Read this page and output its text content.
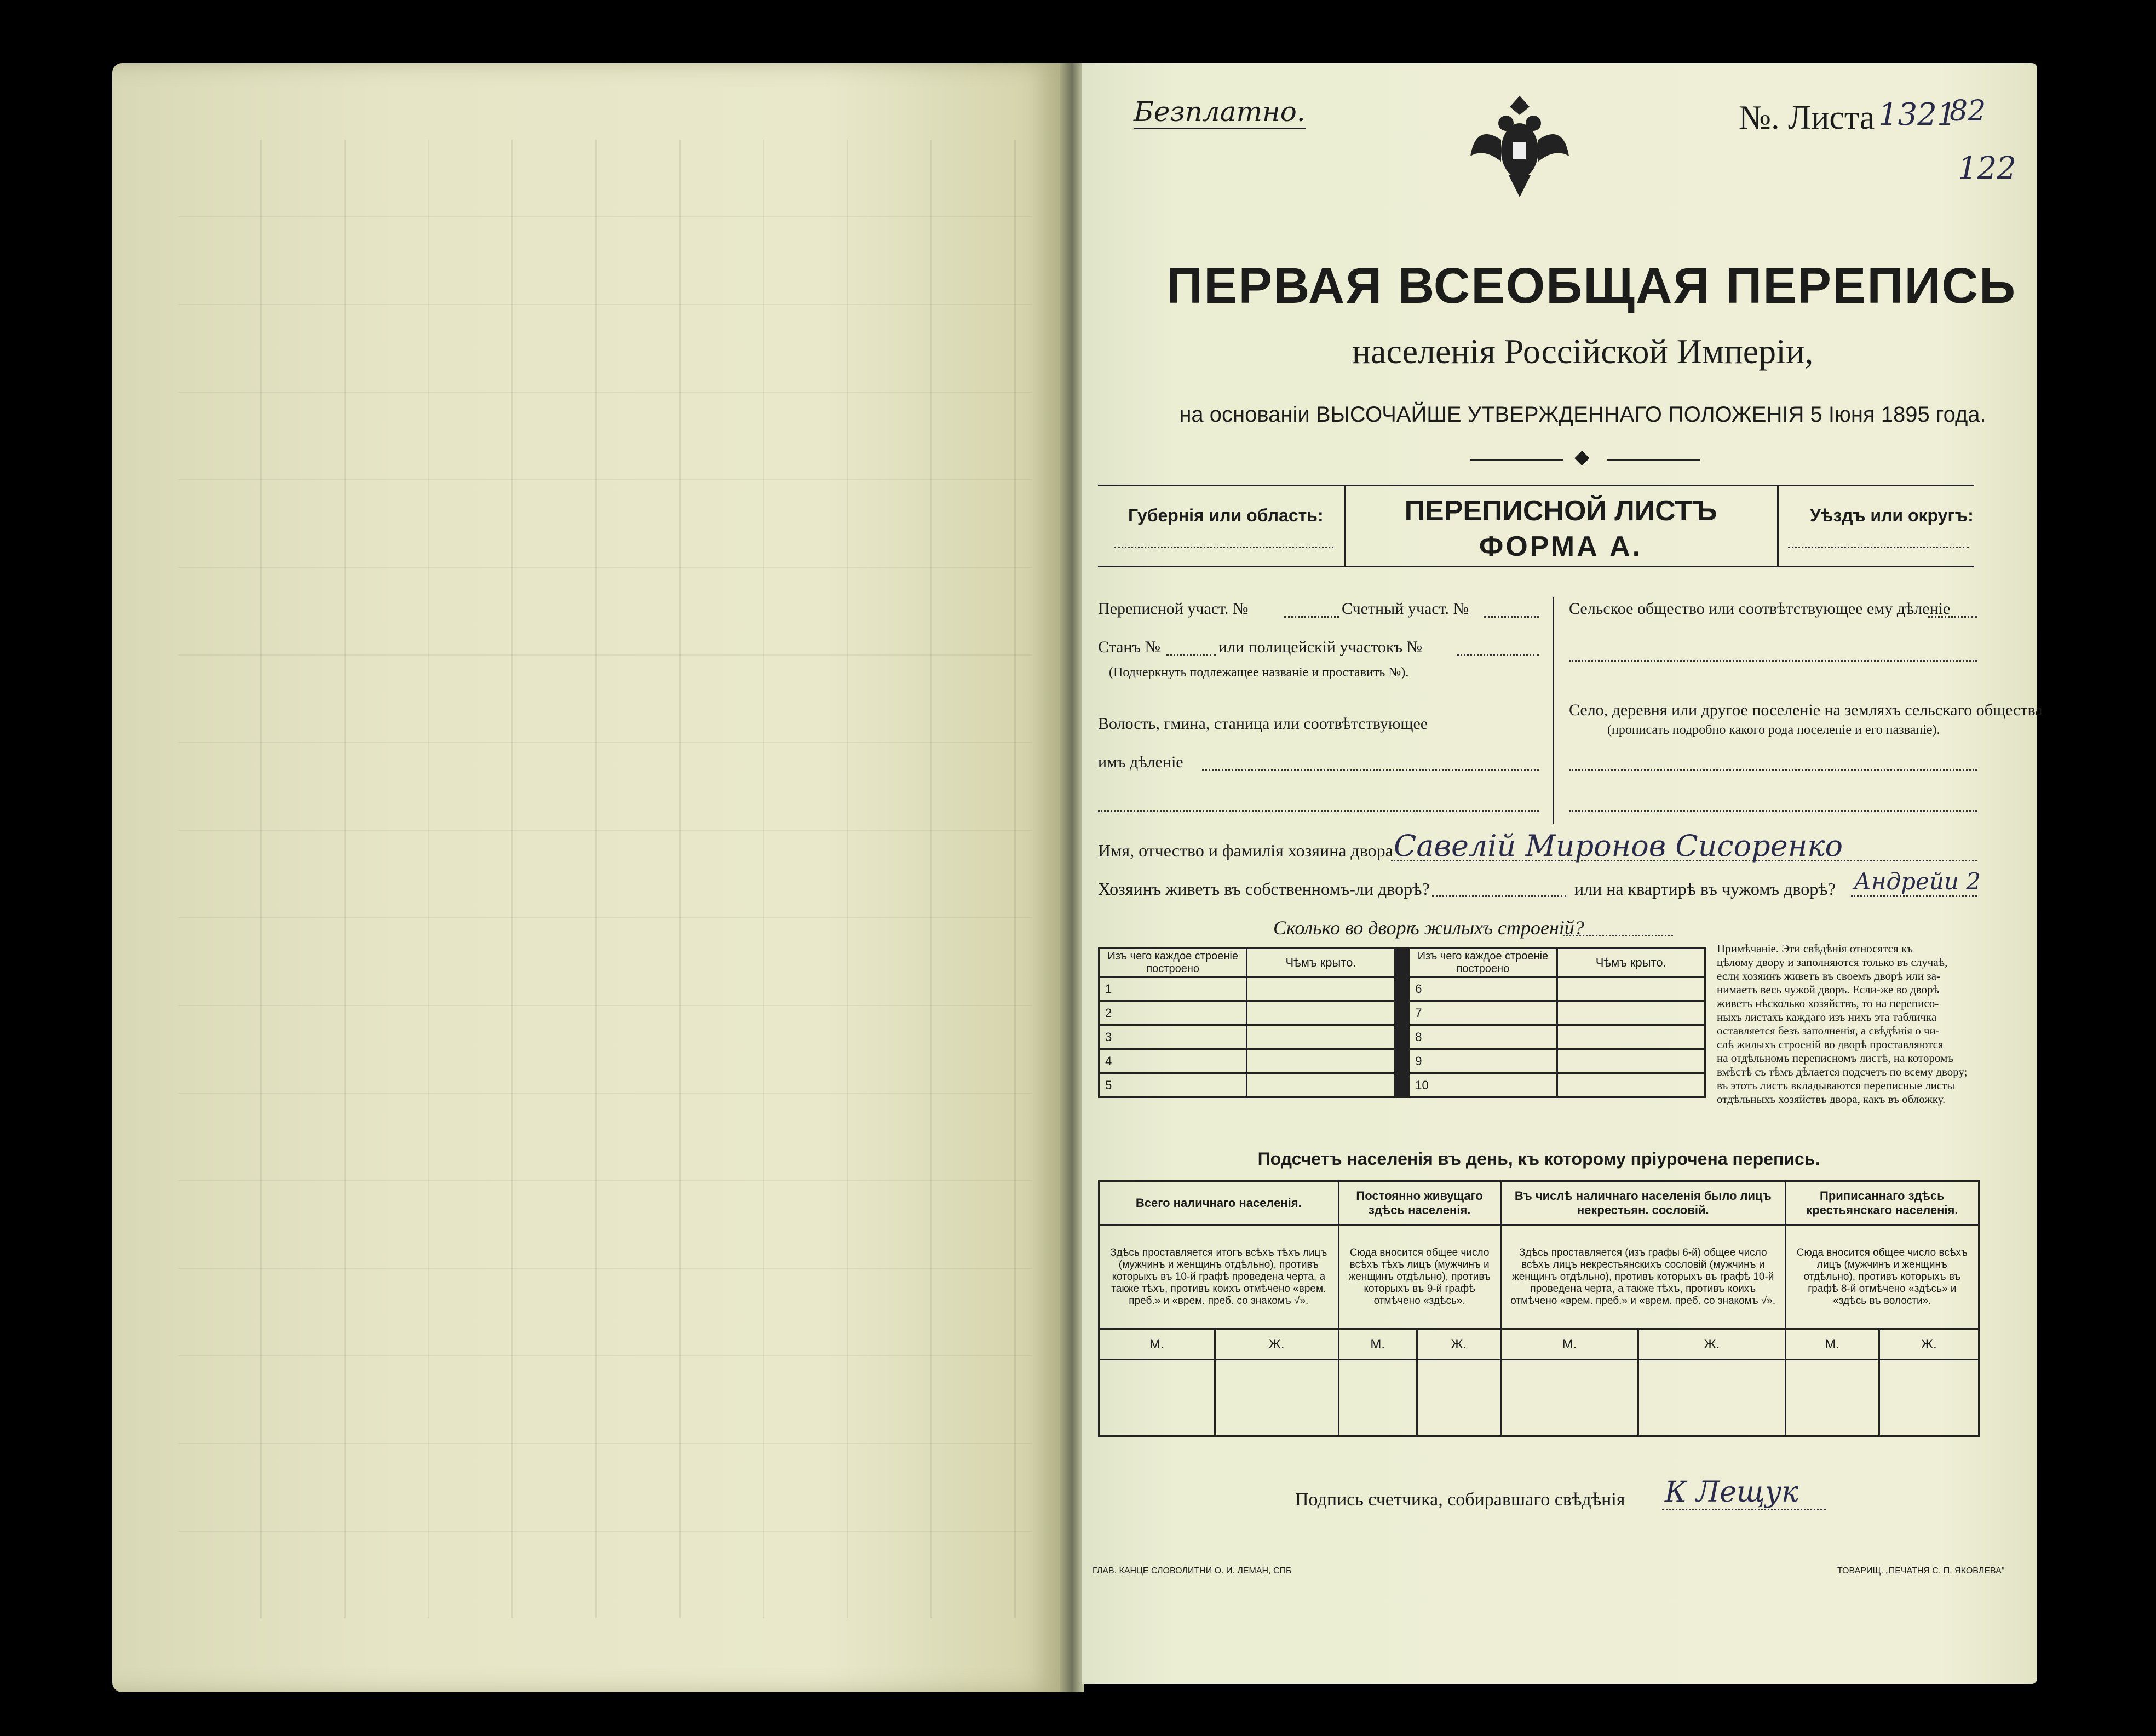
Безплатно.	№. Листа 1321
82
122
ПЕРВАЯ ВСЕОБЩАЯ ПЕРЕПИСЬ
населенія Россійской Имперіи,
на основаніи ВЫСОЧАЙШЕ УТВЕРЖДЕННАГО ПОЛОЖЕНІЯ 5 Іюня 1895 года.
◆
Губернія или область:	ПЕРЕПИСНОЙ ЛИСТЪ
ФОРМА А.
Уѣздъ или округъ:
Переписной участ. №	Счетный участ. №
Станъ №	или полицейскій участокъ №
(Подчеркнуть подлежащее названіе и проставить №).
Волость, гмина, станица или соотвѣтствующее
имъ дѣленіе
Сельское общество или соотвѣтствующее ему дѣленіе
Село, деревня или другое поселеніе на земляхъ сельскаго общества
(прописать подробно какого рода поселеніе и его названіе).
Имя, отчество и фамилія хозяина двора Савелій Миронов Сисоренко
Хозяинъ живетъ въ собственномъ-ли дворѣ?	или на квартирѣ въ чужомъ дворѣ? Андрейи 2
Сколько во дворѣ жилыхъ строеній?
Изъ чего каждое строеніе построено	Чѣмъ крыто.		Изъ чего каждое строеніе построено	Чѣмъ крыто.
1			6	
2			7	
3			8	
4			9	
5			10	
Примѣчаніе. Эти свѣдѣнія относятся къ
цѣлому двору и заполняются только въ случаѣ,
если хозяинъ живетъ въ своемъ дворѣ или за-
нимаетъ весь чужой дворъ. Если-же во дворѣ
живетъ нѣсколько хозяйствъ, то на переписо-
ныхъ листахъ каждаго изъ нихъ эта табличка
оставляется безъ заполненія, а свѣдѣнія о чи-
слѣ жилыхъ строеній во дворѣ проставляются
на отдѣльномъ переписномъ листѣ, на которомъ
вмѣстѣ съ тѣмъ дѣлается подсчетъ по всему двору;
въ этотъ листъ вкладываются переписные листы
отдѣльныхъ хозяйствъ двора, какъ въ обложку.
Подсчетъ населенія въ день, къ которому пріурочена перепись.
Всего наличнаго населенія.		Постоянно живущаго здѣсь населенія.		Въ числѣ наличнаго населенія было лицъ некрестьян. сословій.		Приписаннаго здѣсь крестьянскаго населенія.	
Здѣсь проставляется итогъ всѣхъ тѣхъ лицъ (мужчинъ и женщинъ отдѣльно), противъ которыхъ въ 10-й графѣ проведена черта, а также тѣхъ, противъ коихъ отмѣчено «врем. преб.» и «врем. преб. со знакомъ √».		Сюда вносится общее число всѣхъ тѣхъ лицъ (мужчинъ и женщинъ отдѣльно), противъ которыхъ въ 9-й графѣ отмѣчено «здѣсь».		Здѣсь проставляется (изъ графы 6-й) общее число всѣхъ лицъ некрестьянскихъ сословій (мужчинъ и женщинъ отдѣльно), противъ которыхъ въ графѣ 10-й проведена черта, а также тѣхъ, противъ коихъ отмѣчено «врем. преб.» и «врем. преб. со знакомъ √».		Сюда вносится общее число всѣхъ лицъ (мужчинъ и женщинъ отдѣльно), противъ которыхъ въ графѣ 8-й отмѣчено «здѣсь» и «здѣсь въ волости».	
М.	Ж.	М.	Ж.	М.	Ж.	М.	Ж.

Подпись счетчика, собиравшаго свѣдѣнія К Лещук
ГЛАВ. КАНЦЕ СЛОВОЛИТНИ О. И. ЛЕМАН, СПБ	ТОВАРИЩ. „ПЕЧАТНЯ С. П. ЯКОВЛЕВА"
